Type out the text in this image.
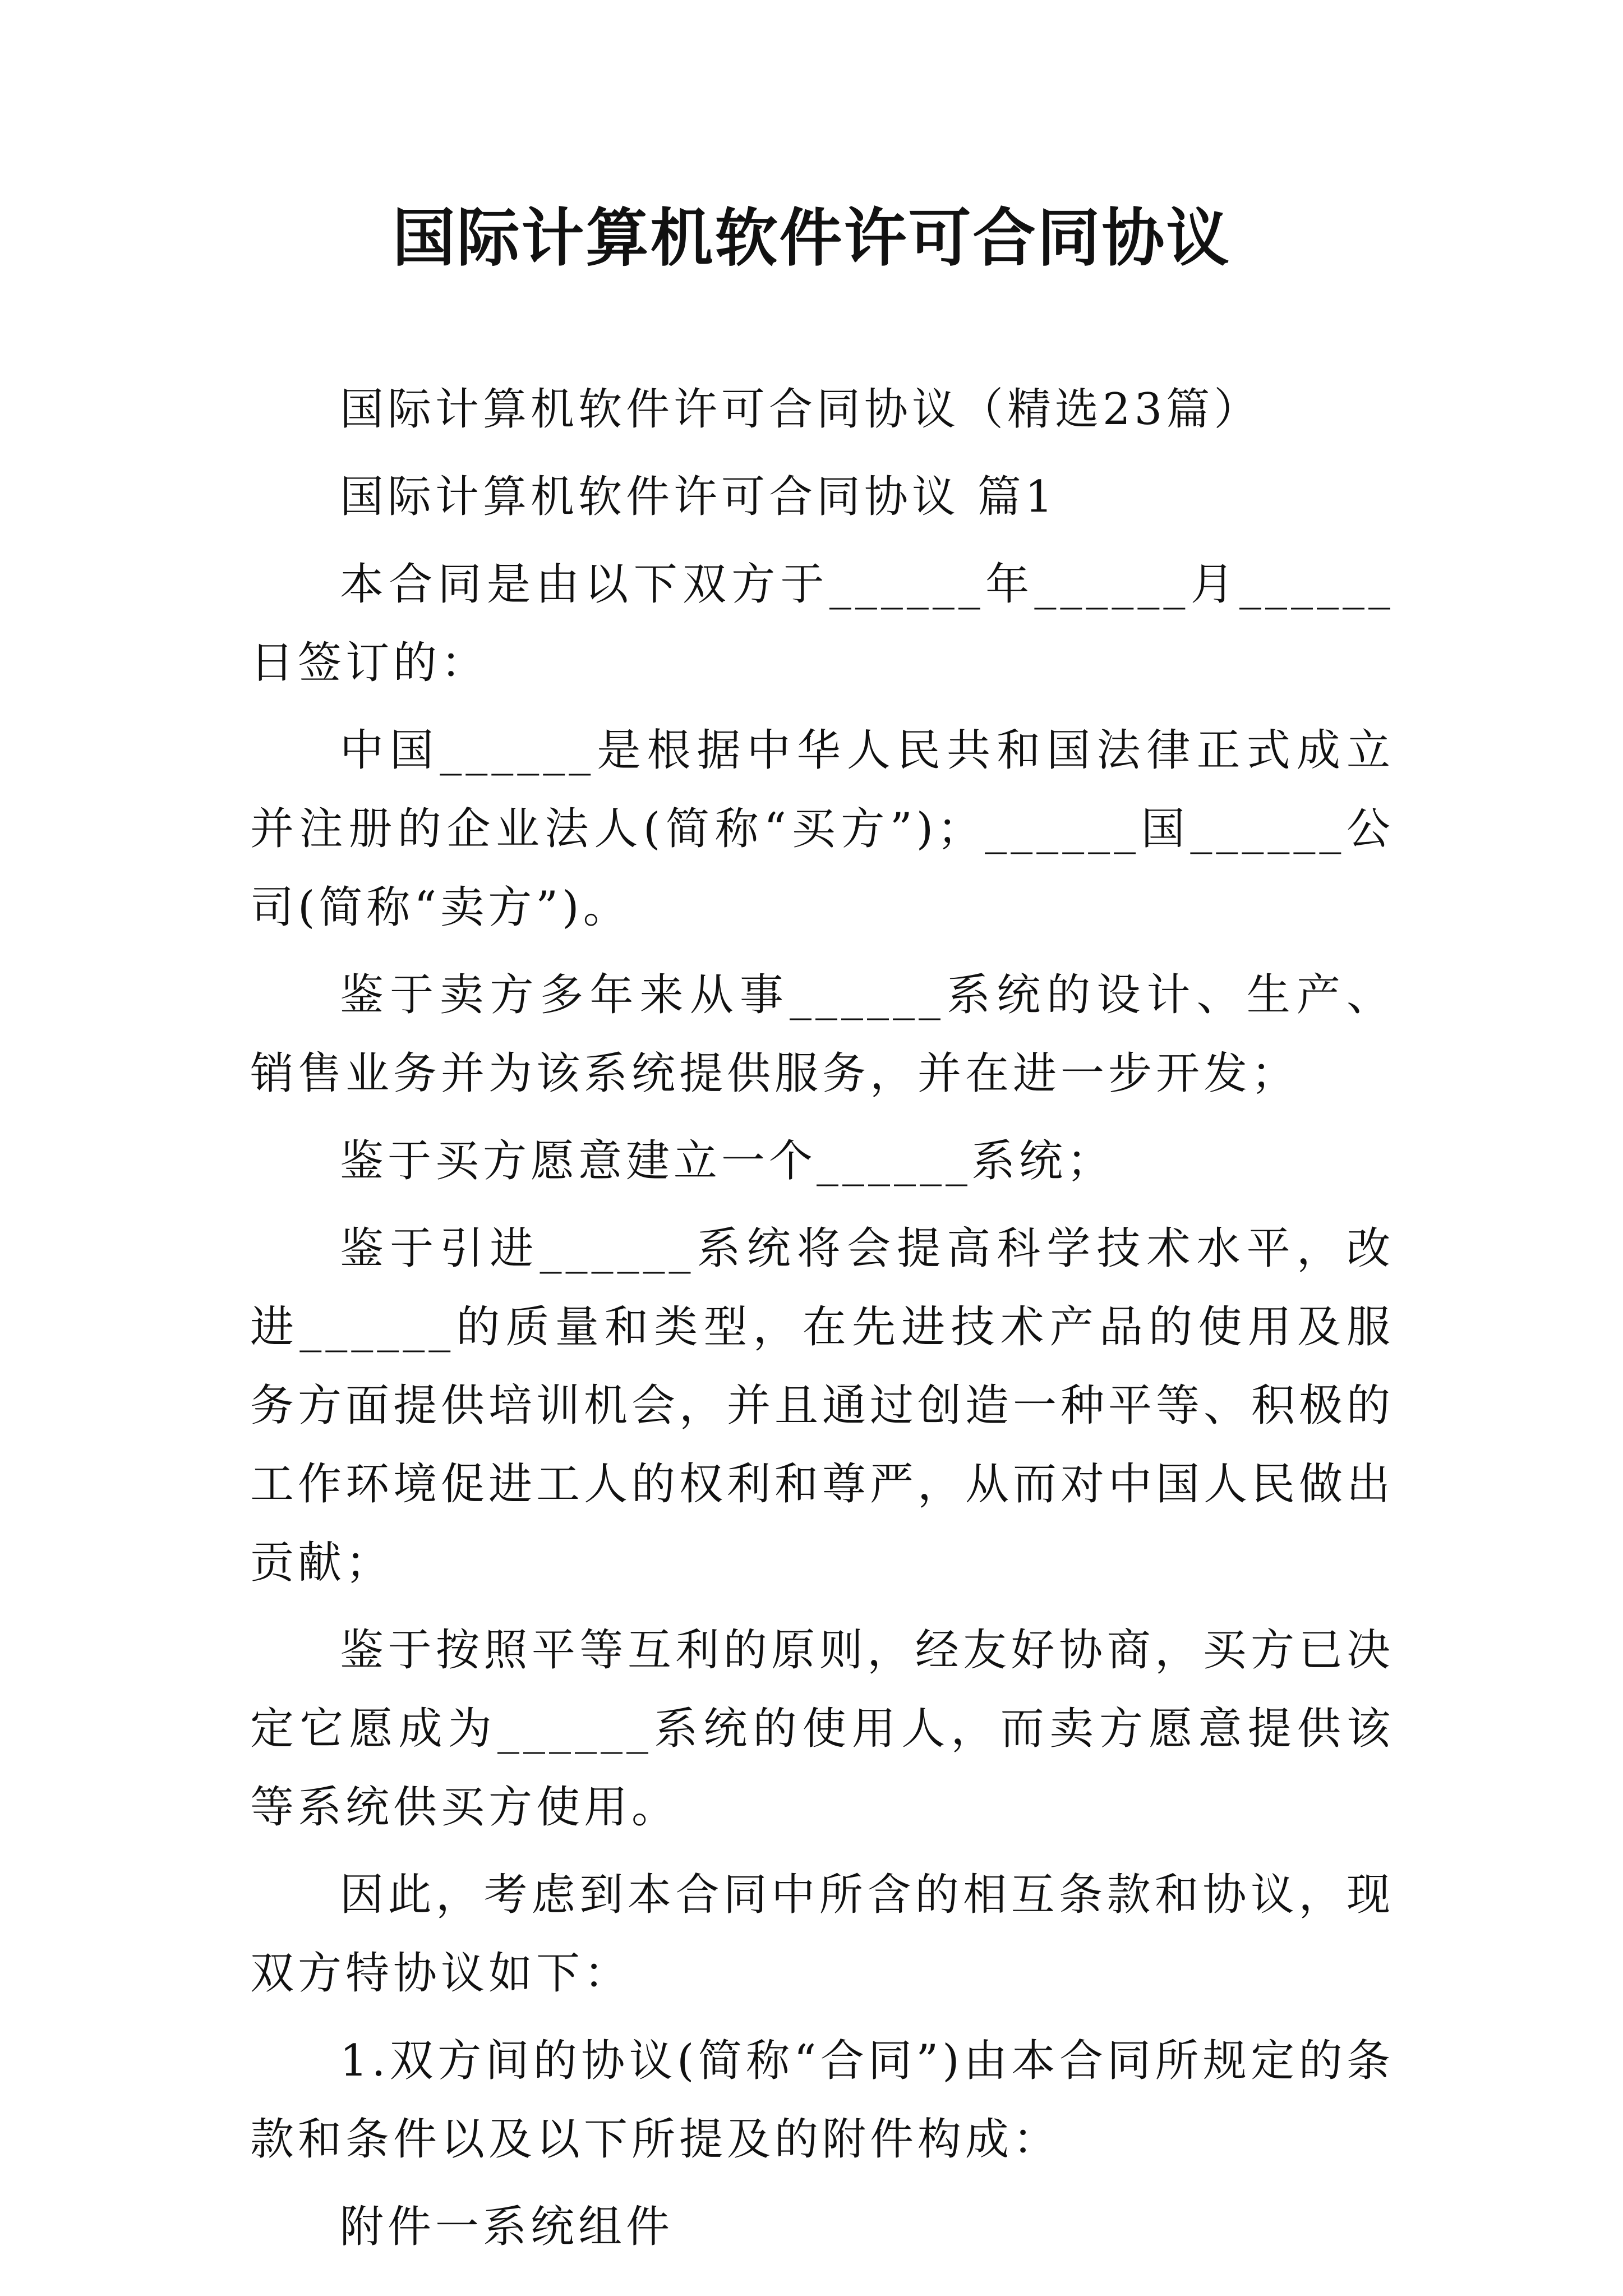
国际计算机软件许可合同协议

国际计算机软件许可合同协议（精选23篇）

国际计算机软件许可合同协议 篇1

本合同是由以下双方于______年______月______日签订的：

中国______是根据中华人民共和国法律正式成立并注册的企业法人(简称“买方”)；______国______公司(简称“卖方”)。

鉴于卖方多年来从事______系统的设计、生产、销售业务并为该系统提供服务，并在进一步开发；

鉴于买方愿意建立一个______系统；

鉴于引进______系统将会提高科学技术水平，改进______的质量和类型，在先进技术产品的使用及服务方面提供培训机会，并且通过创造一种平等、积极的工作环境促进工人的权利和尊严，从而对中国人民做出贡献；

鉴于按照平等互利的原则，经友好协商，买方已决定它愿成为______系统的使用人，而卖方愿意提供该等系统供买方使用。

因此，考虑到本合同中所含的相互条款和协议，现双方特协议如下：

1.双方间的协议(简称“合同”)由本合同所规定的条款和条件以及以下所提及的附件构成：

附件一系统组件
